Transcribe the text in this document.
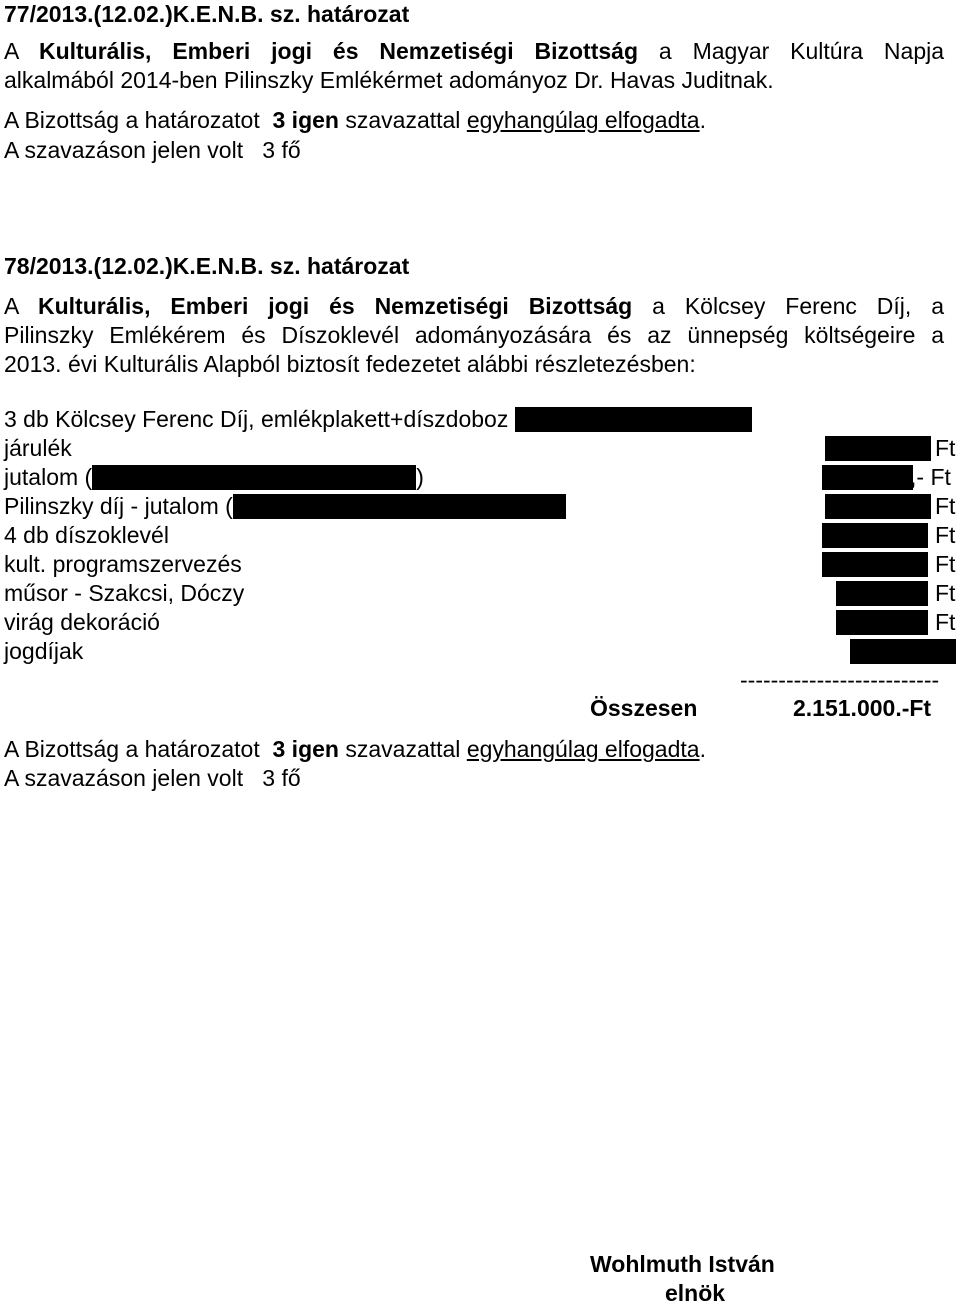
77/2013.(12.02.)K.E.N.B. sz. határozat
A Kulturális, Emberi jogi és Nemzetiségi Bizottság a Magyar Kultúra Napja
alkalmából 2014-ben Pilinszky Emlékérmet adományoz Dr. Havas Juditnak.
A Bizottság a határozatot 3 igen szavazattal egyhangúlag elfogadta.
A szavazáson jelen volt 3 fő
78/2013.(12.02.)K.E.N.B. sz. határozat
A Kulturális, Emberi jogi és Nemzetiségi Bizottság a Kölcsey Ferenc Díj, a
Pilinszky Emlékérem és Díszoklevél adományozására és az ünnepség költségeire a
2013. évi Kulturális Alapból biztosít fedezetet alábbi részletezésben:
3 db Kölcsey Ferenc Díj, emlékplakett+díszdoboz
járulék	Ft
jutalom (	)	,- Ft
Pilinszky díj - jutalom (	Ft
4 db díszoklevél	Ft
kult. programszervezés	Ft
műsor - Szakcsi, Dóczy	Ft
virág dekoráció	Ft
jogdíjak
--------------------------
Összesen	2.151.000.-Ft
A Bizottság a határozatot 3 igen szavazattal egyhangúlag elfogadta.
A szavazáson jelen volt 3 fő
Wohlmuth István
elnök
